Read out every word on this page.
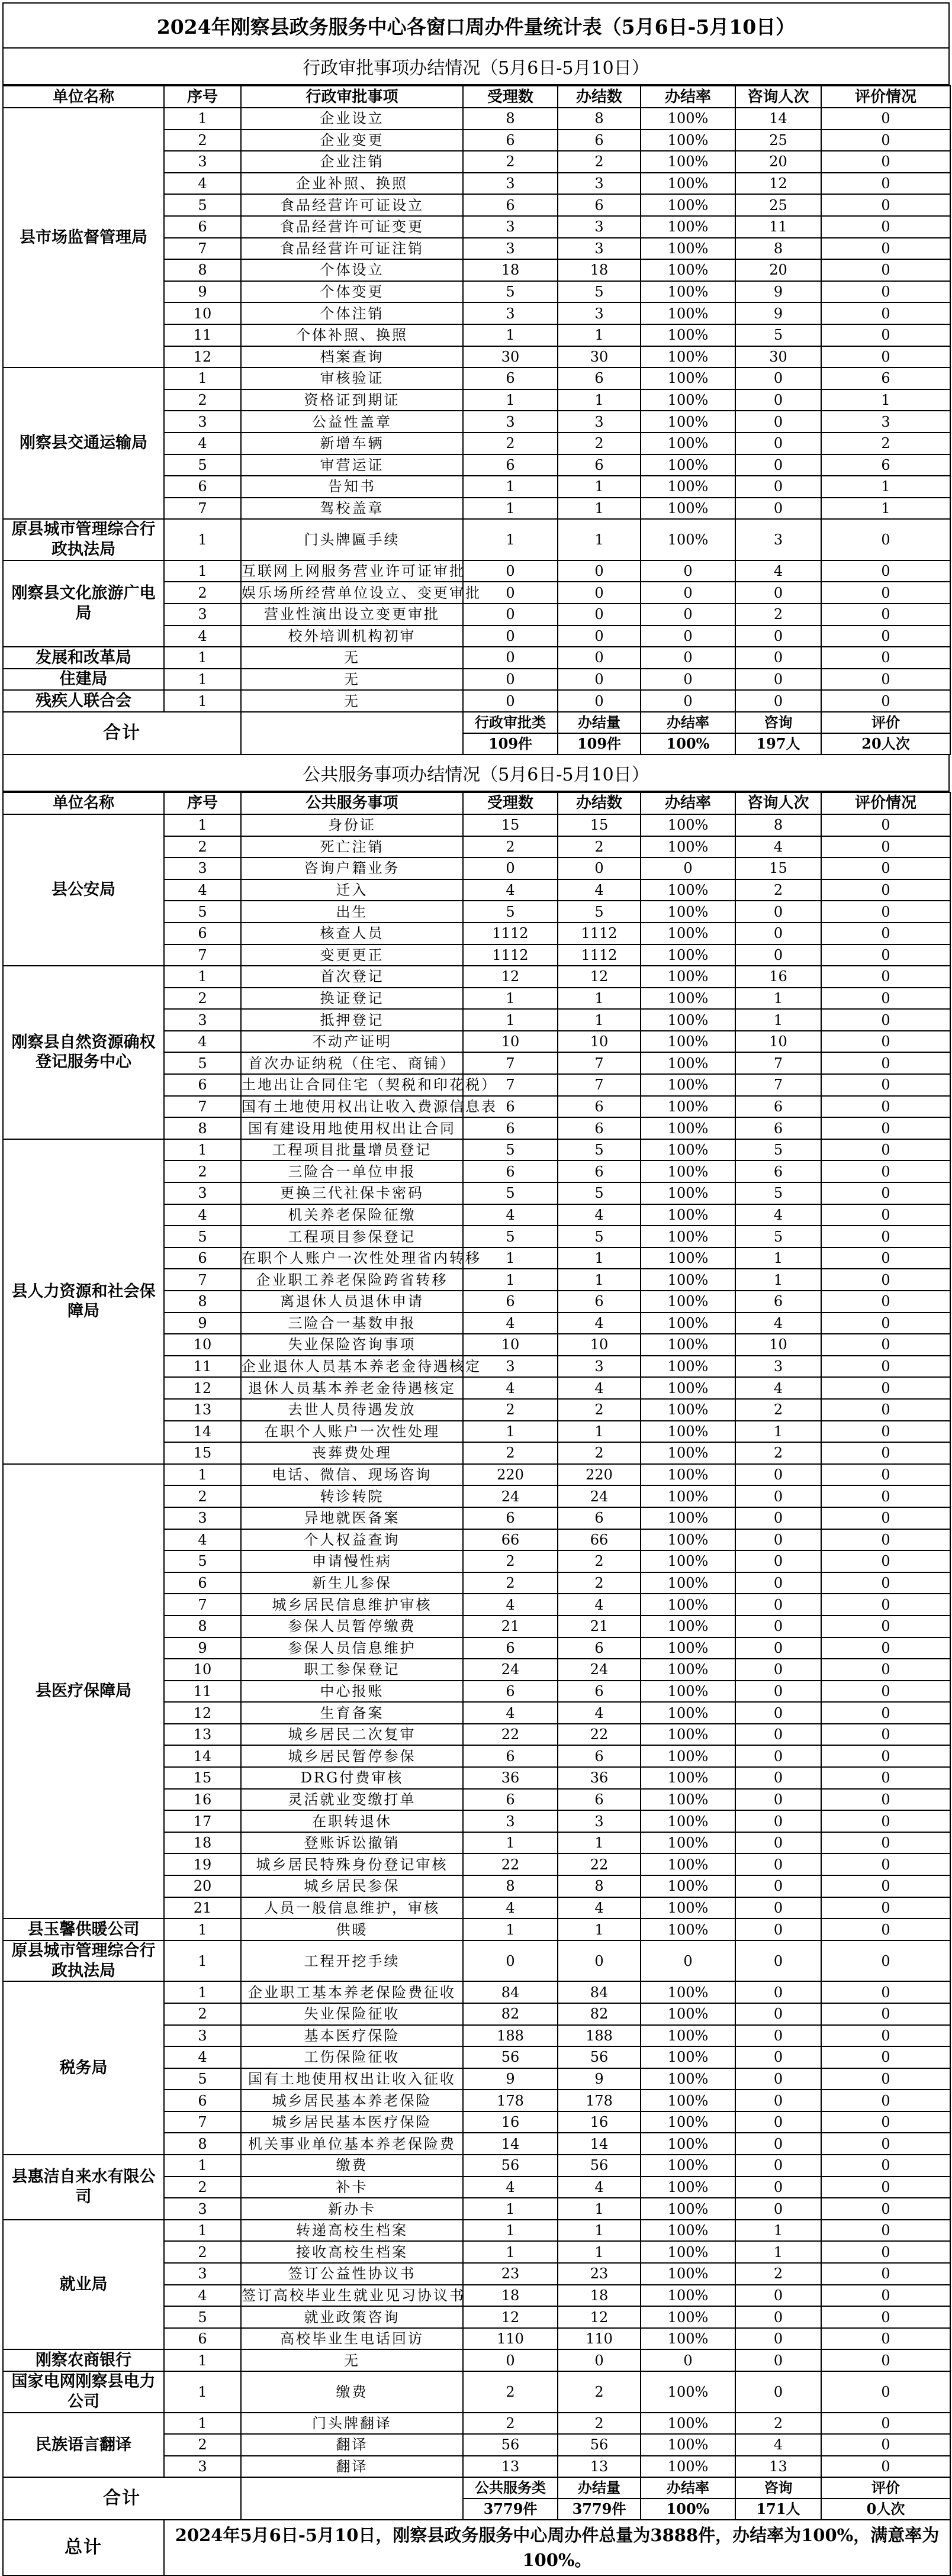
2024年刚察县政务服务中心各窗口周办件量统计表（5月6日-5月10日）
行政审批事项办结情况（5月6日-5月10日）
单位名称	序号	行政审批事项	受理数	办结数	办结率	咨询人次	评价情况
县市场监督管理局	1	企业设立	8	8	100%	14	0
	2	企业变更	6	6	100%	25	0
	3	企业注销	2	2	100%	20	0
	4	企业补照、换照	3	3	100%	12	0
	5	食品经营许可证设立	6	6	100%	25	0
	6	食品经营许可证变更	3	3	100%	11	0
	7	食品经营许可证注销	3	3	100%	8	0
	8	个体设立	18	18	100%	20	0
	9	个体变更	5	5	100%	9	0
	10	个体注销	3	3	100%	9	0
	11	个体补照、换照	1	1	100%	5	0
	12	档案查询	30	30	100%	30	0
刚察县交通运输局	1	审核验证	6	6	100%	0	6
	2	资格证到期证	1	1	100%	0	1
	3	公益性盖章	3	3	100%	0	3
	4	新增车辆	2	2	100%	0	2
	5	审营运证	6	6	100%	0	6
	6	告知书	1	1	100%	0	1
	7	驾校盖章	1	1	100%	0	1
原县城市管理综合行政执法局	1	门头牌匾手续	1	1	100%	3	0
刚察县文化旅游广电局	1	互联网上网服务营业许可证审批	0	0	0	4	0
	2	娱乐场所经营单位设立、变更审批	0	0	0	0	0
	3	营业性演出设立变更审批	0	0	0	2	0
	4	校外培训机构初审	0	0	0	0	0
发展和改革局	1	无	0	0	0	0	0
住建局	1	无	0	0	0	0	0
残疾人联合会	1	无	0	0	0	0	0
合计			行政审批类	办结量	办结率	咨询	评价
			109件	109件	100%	197人	20人次
公共服务事项办结情况（5月6日-5月10日）
单位名称	序号	公共服务事项	受理数	办结数	办结率	咨询人次	评价情况
县公安局	1	身份证	15	15	100%	8	0
	2	死亡注销	2	2	100%	4	0
	3	咨询户籍业务	0	0	0	15	0
	4	迁入	4	4	100%	2	0
	5	出生	5	5	100%	0	0
	6	核查人员	1112	1112	100%	0	0
	7	变更更正	1112	1112	100%	0	0
刚察县自然资源确权登记服务中心	1	首次登记	12	12	100%	16	0
	2	换证登记	1	1	100%	1	0
	3	抵押登记	1	1	100%	1	0
	4	不动产证明	10	10	100%	10	0
	5	首次办证纳税（住宅、商铺）	7	7	100%	7	0
	6	土地出让合同住宅（契税和印花税）	7	7	100%	7	0
	7	国有土地使用权出让收入费源信息表	6	6	100%	6	0
	8	国有建设用地使用权出让合同	6	6	100%	6	0
县人力资源和社会保障局	1	工程项目批量增员登记	5	5	100%	5	0
	2	三险合一单位申报	6	6	100%	6	0
	3	更换三代社保卡密码	5	5	100%	5	0
	4	机关养老保险征缴	4	4	100%	4	0
	5	工程项目参保登记	5	5	100%	5	0
	6	在职个人账户一次性处理省内转移	1	1	100%	1	0
	7	企业职工养老保险跨省转移	1	1	100%	1	0
	8	离退休人员退休申请	6	6	100%	6	0
	9	三险合一基数申报	4	4	100%	4	0
	10	失业保险咨询事项	10	10	100%	10	0
	11	企业退休人员基本养老金待遇核定	3	3	100%	3	0
	12	退休人员基本养老金待遇核定	4	4	100%	4	0
	13	去世人员待遇发放	2	2	100%	2	0
	14	在职个人账户一次性处理	1	1	100%	1	0
	15	丧葬费处理	2	2	100%	2	0
县医疗保障局	1	电话、微信、现场咨询	220	220	100%	0	0
	2	转诊转院	24	24	100%	0	0
	3	异地就医备案	6	6	100%	0	0
	4	个人权益查询	66	66	100%	0	0
	5	申请慢性病	2	2	100%	0	0
	6	新生儿参保	2	2	100%	0	0
	7	城乡居民信息维护审核	4	4	100%	0	0
	8	参保人员暂停缴费	21	21	100%	0	0
	9	参保人员信息维护	6	6	100%	0	0
	10	职工参保登记	24	24	100%	0	0
	11	中心报账	6	6	100%	0	0
	12	生育备案	4	4	100%	0	0
	13	城乡居民二次复审	22	22	100%	0	0
	14	城乡居民暂停参保	6	6	100%	0	0
	15	DRG付费审核	36	36	100%	0	0
	16	灵活就业变缴打单	6	6	100%	0	0
	17	在职转退休	3	3	100%	0	0
	18	登账诉讼撤销	1	1	100%	0	0
	19	城乡居民特殊身份登记审核	22	22	100%	0	0
	20	城乡居民参保	8	8	100%	0	0
	21	人员一般信息维护，审核	4	4	100%	0	0
县玉馨供暖公司	1	供暖	1	1	100%	0	0
原县城市管理综合行政执法局	1	工程开挖手续	0	0	0	0	0
税务局	1	企业职工基本养老保险费征收	84	84	100%	0	0
	2	失业保险征收	82	82	100%	0	0
	3	基本医疗保险	188	188	100%	0	0
	4	工伤保险征收	56	56	100%	0	0
	5	国有土地使用权出让收入征收	9	9	100%	0	0
	6	城乡居民基本养老保险	178	178	100%	0	0
	7	城乡居民基本医疗保险	16	16	100%	0	0
	8	机关事业单位基本养老保险费	14	14	100%	0	0
县惠洁自来水有限公司	1	缴费	56	56	100%	0	0
	2	补卡	4	4	100%	0	0
	3	新办卡	1	1	100%	0	0
就业局	1	转递高校生档案	1	1	100%	1	0
	2	接收高校生档案	1	1	100%	1	0
	3	签订公益性协议书	23	23	100%	2	0
	4	签订高校毕业生就业见习协议书	18	18	100%	0	0
	5	就业政策咨询	12	12	100%	0	0
	6	高校毕业生电话回访	110	110	100%	0	0
刚察农商银行	1	无	0	0	0	0	0
国家电网刚察县电力公司	1	缴费	2	2	100%	0	0
民族语言翻译	1	门头牌翻译	2	2	100%	2	0
	2	翻译	56	56	100%	4	0
	3	翻译	13	13	100%	13	0
合计			公共服务类	办结量	办结率	咨询	评价
			3779件	3779件	100%	171人	0人次
总计	2024年5月6日-5月10日，刚察县政务服务中心周办件总量为3888件，办结率为100%，满意率为100%。						
